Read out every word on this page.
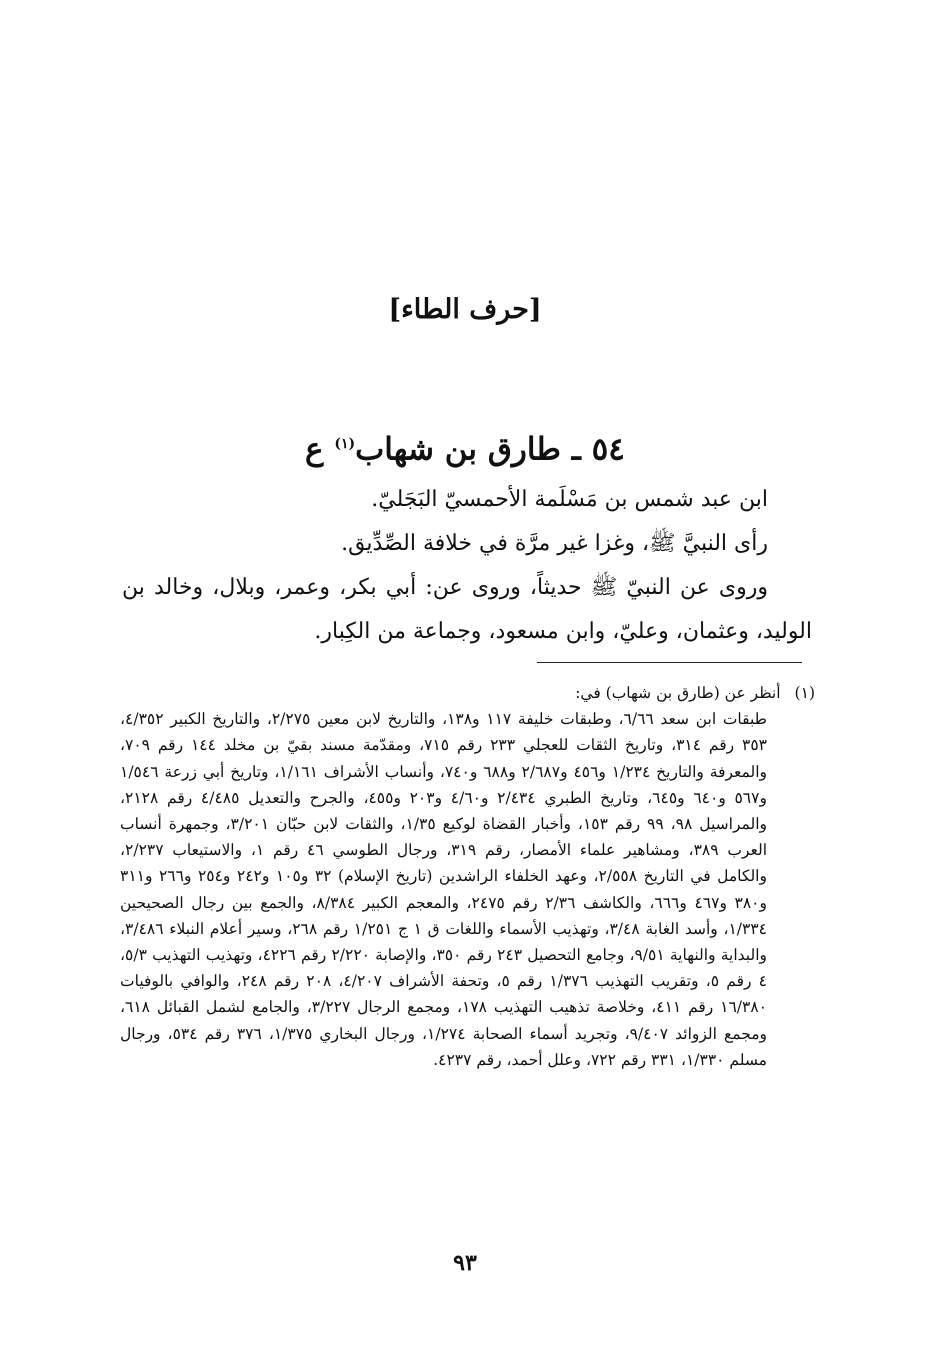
[حرف الطاء]
٥٤ ـ طارق بن شهاب$^{(١)}$ ع

ابن عبد شمس بن مَسْلَمة الأحمسيّ البَجَليّ.

رأى النبيَّ ﷺ، وغزا غير مرَّة في خلافة الصِّدِّيق.

وروى عن النبيّ ﷺ حديثاً، وروى عن: أبي بكر، وعمر، وبلال، وخالد بن الوليد، وعثمان، وعليّ، وابن مسعود، وجماعة من الكِبار.

(١)أنظر عن (طارق بن شهاب) في:
طبقات ابن سعد ٦/٦٦، وطبقات خليفة ١١٧ و١٣٨، والتاريخ لابن معين ٢/٢٧٥، والتاريخ الكبير ٤/٣٥٢، ٣٥٣ رقم ٣١٤، وتاريخ الثقات للعجلي ٢٣٣ رقم ٧١٥، ومقدّمة مسند بقيّ بن مخلد ١٤٤ رقم ٧٠٩، والمعرفة والتاريخ ١/٢٣٤ و٤٥٦ و٢/٦٨٧ و٦٨٨ و٧٤٠، وأنساب الأشراف ١/١٦١، وتاريخ أبي زرعة ١/٥٤٦ و٥٦٧ و٦٤٠ و٦٤٥، وتاريخ الطبري ٢/٤٣٤ و٤/٦٠ و٢٠٣ و٤٥٥، والجرح والتعديل ٤/٤٨٥ رقم ٢١٢٨، والمراسيل ٩٨، ٩٩ رقم ١٥٣، وأخبار القضاة لوكيع ١/٣٥، والثقات لابن حبّان ٣/٢٠١، وجمهرة أنساب العرب ٣٨٩، ومشاهير علماء الأمصار، رقم ٣١٩، ورجال الطوسي ٤٦ رقم ١، والاستيعاب ٢/٢٣٧، والكامل في التاريخ ٢/٥٥٨، وعهد الخلفاء الراشدين (تاريخ الإسلام) ٣٢ و١٠٥ و٢٤٢ و٢٥٤ و٢٦٦ و٣١١ و٣٨٠ و٤٦٧ و٦٦٦، والكاشف ٢/٣٦ رقم ٢٤٧٥، والمعجم الكبير ٨/٣٨٤، والجمع بين رجال الصحيحين ١/٣٣٤، وأسد الغابة ٣/٤٨، وتهذيب الأسماء واللغات ق ١ ج ١/٢٥١ رقم ٢٦٨، وسير أعلام النبلاء ٣/٤٨٦، والبداية والنهاية ٩/٥١، وجامع التحصيل ٢٤٣ رقم ٣٥٠، والإصابة ٢/٢٢٠ رقم ٤٢٢٦، وتهذيب التهذيب ٥/٣، ٤ رقم ٥، وتقريب التهذيب ١/٣٧٦ رقم ٥، وتحفة الأشراف ٤/٢٠٧، ٢٠٨ رقم ٢٤٨، والوافي بالوفيات ١٦/٣٨٠ رقم ٤١١، وخلاصة تذهيب التهذيب ١٧٨، ومجمع الرجال ٣/٢٢٧، والجامع لشمل القبائل ٦١٨، ومجمع الزوائد ٩/٤٠٧، وتجريد أسماء الصحابة ١/٢٧٤، ورجال البخاري ١/٣٧٥، ٣٧٦ رقم ٥٣٤، ورجال مسلم ١/٣٣٠، ٣٣١ رقم ٧٢٢، وعلل أحمد، رقم ٤٢٣٧.
٩٣
